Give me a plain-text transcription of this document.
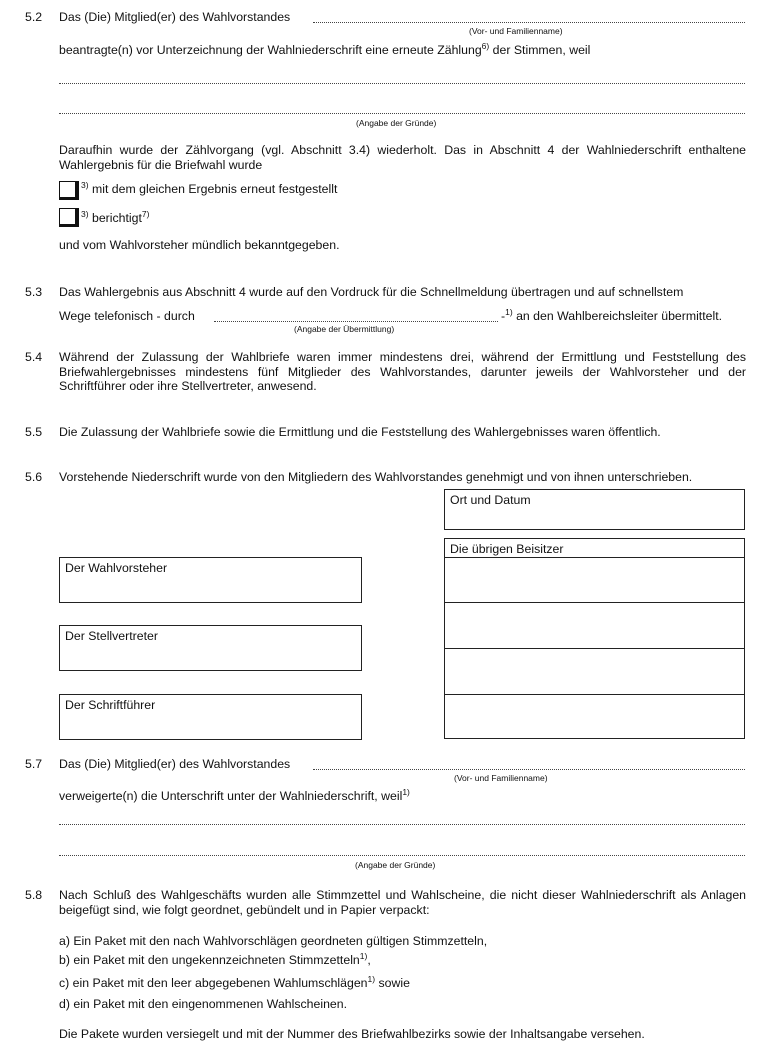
5.2 Das (Die) Mitglied(er) des Wahlvorstandes
(Vor- und Familienname)
beantragte(n) vor Unterzeichnung der Wahlniederschrift eine erneute Zählung$^{6)}$ der Stimmen, weil
(Angabe der Gründe)
Daraufhin wurde der Zählvorgang (vgl. Abschnitt 3.4) wiederholt. Das in Abschnitt 4 der Wahlniederschrift enthaltene Wahlergebnis für die Briefwahl wurde
$^{3)}$ mit dem gleichen Ergebnis erneut festgestellt
$^{3)}$ berichtigt$^{7)}$
und vom Wahlvorsteher mündlich bekanntgegeben.
5.3 Das Wahlergebnis aus Abschnitt 4 wurde auf den Vordruck für die Schnellmeldung übertragen und auf schnellstem
Wege telefonisch - durch	-$^{1)}$ an den Wahlbereichsleiter übermittelt.
(Angabe der Übermittlung)
5.4 Während der Zulassung der Wahlbriefe waren immer mindestens drei, während der Ermittlung und Feststellung des Briefwahlergebnisses mindestens fünf Mitglieder des Wahlvorstandes, darunter jeweils der Wahlvorsteher und der Schriftführer oder ihre Stellvertreter, anwesend.
5.5 Die Zulassung der Wahlbriefe sowie die Ermittlung und die Feststellung des Wahlergebnisses waren öffentlich.
5.6 Vorstehende Niederschrift wurde von den Mitgliedern des Wahlvorstandes genehmigt und von ihnen unterschrieben.
Ort und Datum
Die übrigen Beisitzer
Der Wahlvorsteher
Der Stellvertreter
Der Schriftführer
5.7 Das (Die) Mitglied(er) des Wahlvorstandes
(Vor- und Familienname)
verweigerte(n) die Unterschrift unter der Wahlniederschrift, weil$^{1)}$
(Angabe der Gründe)
5.8 Nach Schluß des Wahlgeschäfts wurden alle Stimmzettel und Wahlscheine, die nicht dieser Wahlniederschrift als Anlagen beigefügt sind, wie folgt geordnet, gebündelt und in Papier verpackt:
a) Ein Paket mit den nach Wahlvorschlägen geordneten gültigen Stimmzetteln,
b) ein Paket mit den ungekennzeichneten Stimmzetteln$^{1)}$,
c) ein Paket mit den leer abgegebenen Wahlumschlägen$^{1)}$ sowie
d) ein Paket mit den eingenommenen Wahlscheinen.
Die Pakete wurden versiegelt und mit der Nummer des Briefwahlbezirks sowie der Inhaltsangabe versehen.
